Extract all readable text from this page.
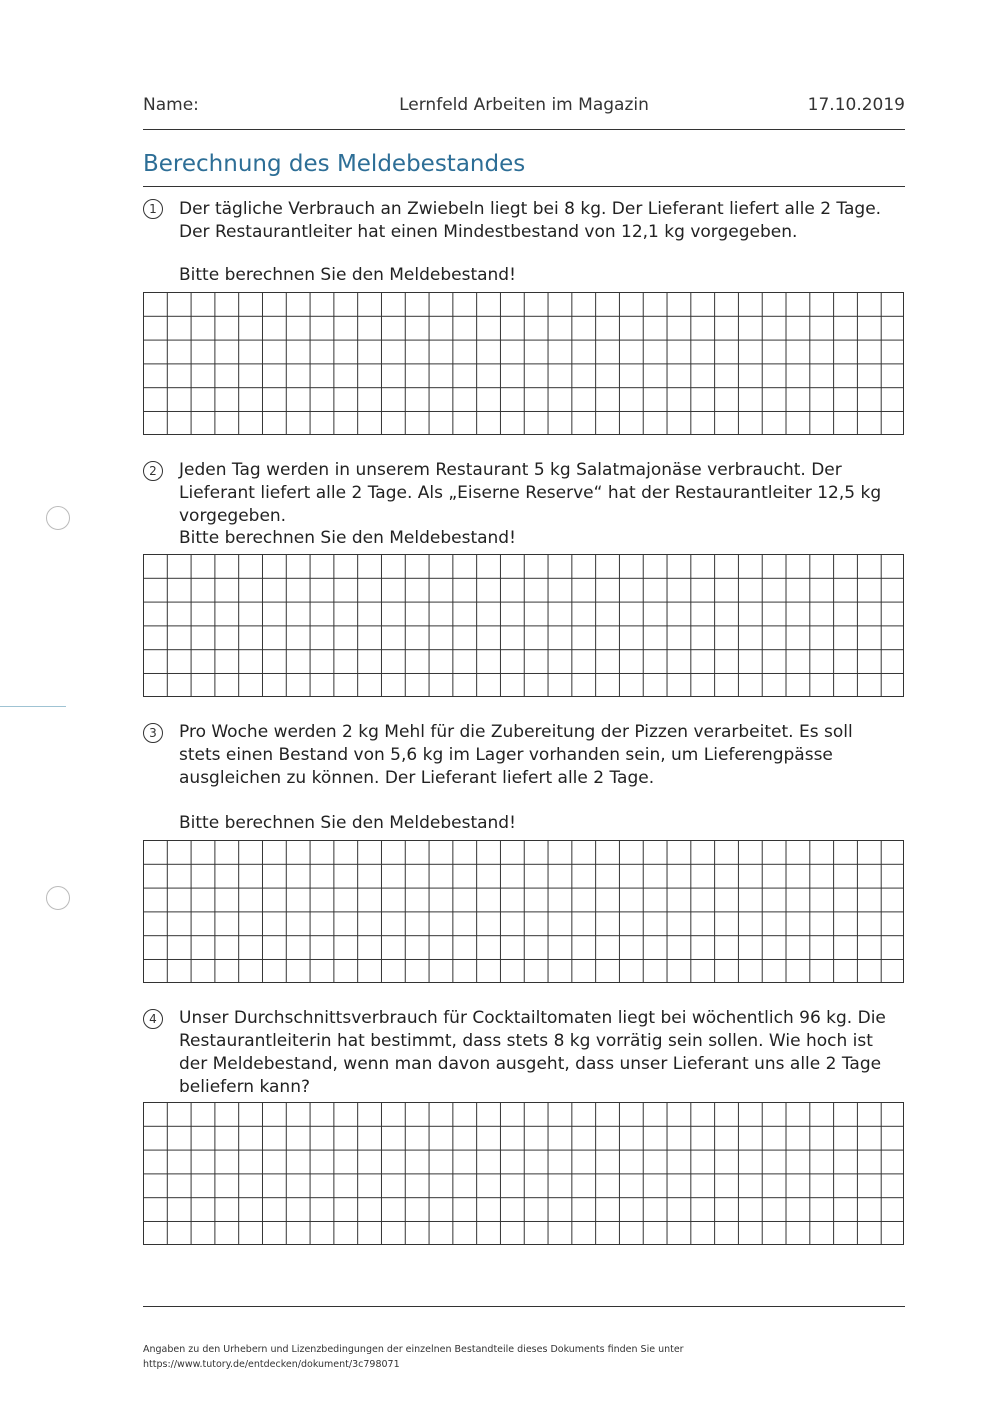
Name:	Lernfeld Arbeiten im Magazin	17.10.2019
Berechnung des Meldebestandes
1	Der tägliche Verbrauch an Zwiebeln liegt bei 8 kg. Der Lieferant liefert alle 2 Tage. Der Restaurantleiter hat einen Mindestbestand von 12,1 kg vorgegeben.

Bitte berechnen Sie den Meldebestand!
2	Jeden Tag werden in unserem Restaurant 5 kg Salatmajonäse verbraucht. Der Lieferant liefert alle 2 Tage. Als „Eiserne Reserve“ hat der Restaurantleiter 12,5 kg vorgegeben.

Bitte berechnen Sie den Meldebestand!
3	Pro Woche werden 2 kg Mehl für die Zubereitung der Pizzen verarbeitet. Es soll stets einen Bestand von 5,6 kg im Lager vorhanden sein, um Lieferengpässe ausgleichen zu können. Der Lieferant liefert alle 2 Tage.

Bitte berechnen Sie den Meldebestand!
4	Unser Durchschnittsverbrauch für Cocktailtomaten liegt bei wöchentlich 96 kg. Die Restaurantleiterin hat bestimmt, dass stets 8 kg vorrätig sein sollen. Wie hoch ist der Meldebestand, wenn man davon ausgeht, dass unser Lieferant uns alle 2 Tage beliefern kann?

Angaben zu den Urhebern und Lizenzbedingungen der einzelnen Bestandteile dieses Dokuments finden Sie unter
https://www.tutory.de/entdecken/dokument/3c798071
